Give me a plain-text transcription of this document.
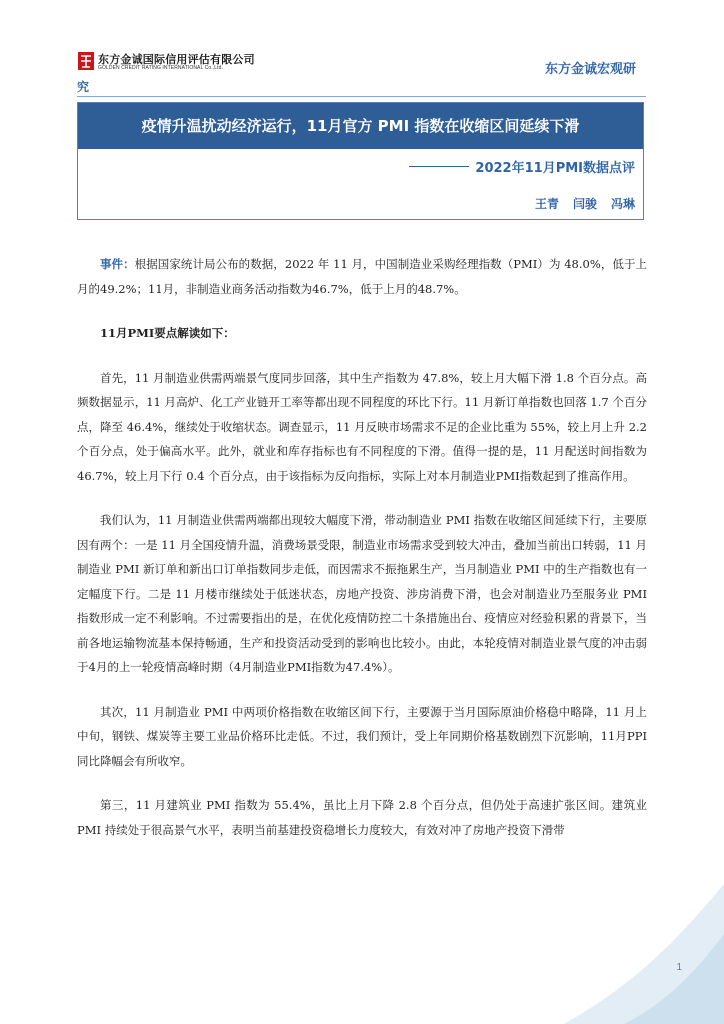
东方金诚国际信用评估有限公司
GOLDEN CREDIT RATING INTERNATIONAL Co.,Ltd.	东方金诚宏观研
究
疫情升温扰动经济运行，11月官方 PMI 指数在收缩区间延续下滑
2022年11月PMI数据点评
王青 闫骏 冯琳

事件：根据国家统计局公布的数据，2022 年 11 月，中国制造业采购经理指数（PMI）为 48.0%，低于上月的49.2%；11月，非制造业商务活动指数为46.7%，低于上月的48.7%。

11月PMI要点解读如下：

首先，11 月制造业供需两端景气度同步回落，其中生产指数为 47.8%，较上月大幅下滑 1.8 个百分点。高频数据显示，11 月高炉、化工产业链开工率等都出现不同程度的环比下行。11 月新订单指数也回落 1.7 个百分点，降至 46.4%，继续处于收缩状态。调查显示，11 月反映市场需求不足的企业比重为 55%，较上月上升 2.2 个百分点，处于偏高水平。此外，就业和库存指标也有不同程度的下滑。值得一提的是，11 月配送时间指数为 46.7%，较上月下行 0.4 个百分点，由于该指标为反向指标，实际上对本月制造业PMI指数起到了推高作用。

我们认为，11 月制造业供需两端都出现较大幅度下滑，带动制造业 PMI 指数在收缩区间延续下行，主要原因有两个：一是 11 月全国疫情升温，消费场景受限，制造业市场需求受到较大冲击，叠加当前出口转弱，11 月制造业 PMI 新订单和新出口订单指数同步走低，而因需求不振拖累生产，当月制造业 PMI 中的生产指数也有一定幅度下行。二是 11 月楼市继续处于低迷状态，房地产投资、涉房消费下滑，也会对制造业乃至服务业 PMI 指数形成一定不利影响。不过需要指出的是，在优化疫情防控二十条措施出台、疫情应对经验积累的背景下，当前各地运输物流基本保持畅通，生产和投资活动受到的影响也比较小。由此，本轮疫情对制造业景气度的冲击弱于4月的上一轮疫情高峰时期（4月制造业PMI指数为47.4%）。

其次，11 月制造业 PMI 中两项价格指数在收缩区间下行，主要源于当月国际原油价格稳中略降，11 月上中旬，钢铁、煤炭等主要工业品价格环比走低。不过，我们预计，受上年同期价格基数剧烈下沉影响，11月PPI同比降幅会有所收窄。

第三，11 月建筑业 PMI 指数为 55.4%，虽比上月下降 2.8 个百分点，但仍处于高速扩张区间。建筑业 PMI 持续处于很高景气水平，表明当前基建投资稳增长力度较大，有效对冲了房地产投资下滑带

1
